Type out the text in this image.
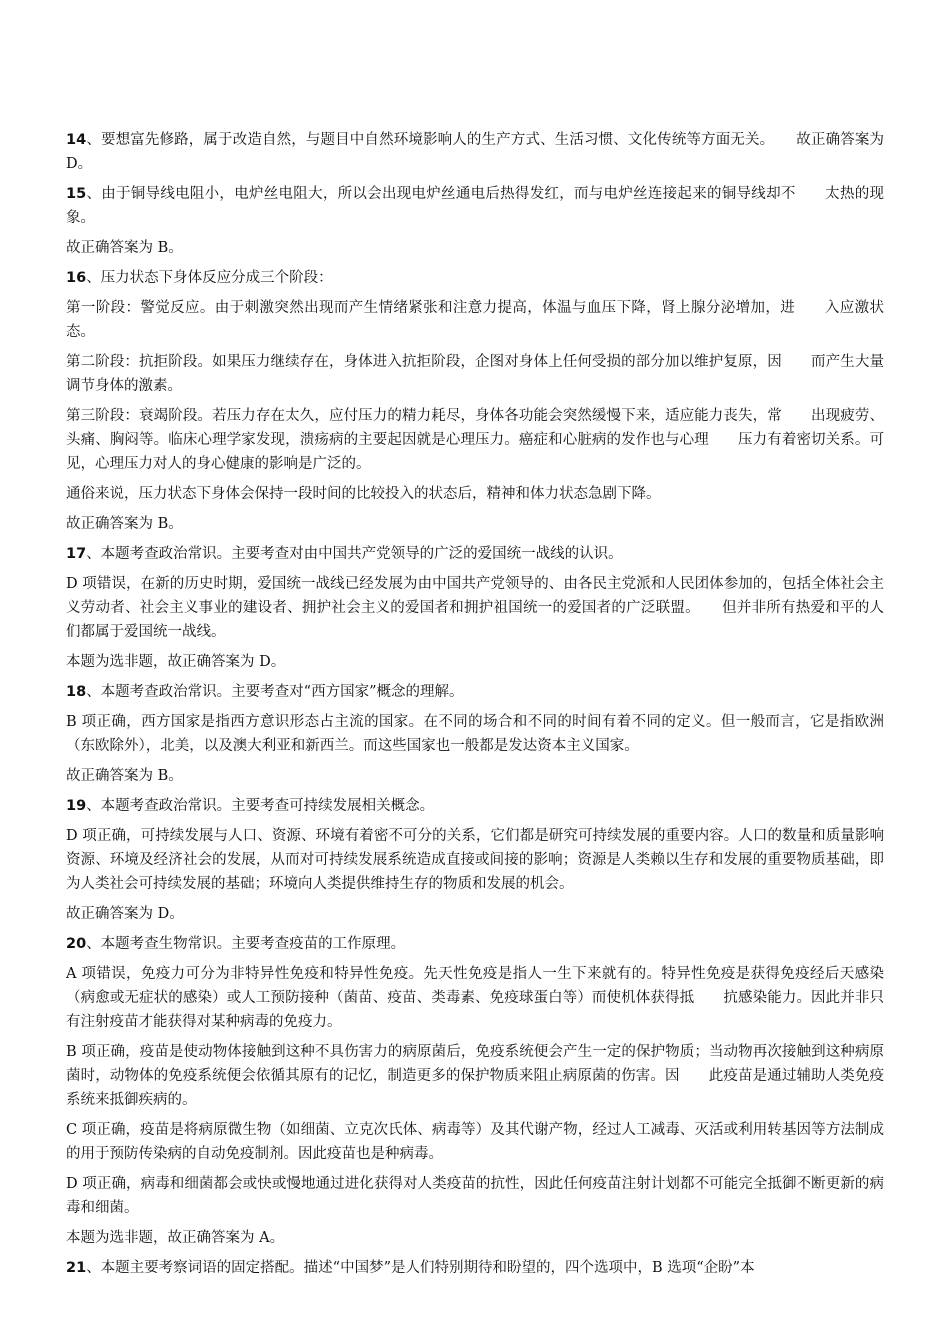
14、要想富先修路，属于改造自然，与题目中自然环境影响人的生产方式、生活习惯、文化传统等方面无关。　　故正确答案为 D。

15、由于铜导线电阻小，电炉丝电阻大，所以会出现电炉丝通电后热得发红，而与电炉丝连接起来的铜导线却不　　太热的现象。

故正确答案为 B。

16、压力状态下身体反应分成三个阶段：

第一阶段：警觉反应。由于刺激突然出现而产生情绪紧张和注意力提高，体温与血压下降，肾上腺分泌增加，进　　入应激状态。

第二阶段：抗拒阶段。如果压力继续存在，身体进入抗拒阶段，企图对身体上任何受损的部分加以维护复原，因　　而产生大量调节身体的激素。

第三阶段：衰竭阶段。若压力存在太久，应付压力的精力耗尽，身体各功能会突然缓慢下来，适应能力丧失，常　　出现疲劳、头痛、胸闷等。临床心理学家发现，溃疡病的主要起因就是心理压力。癌症和心脏病的发作也与心理　　压力有着密切关系。可见，心理压力对人的身心健康的影响是广泛的。

通俗来说，压力状态下身体会保持一段时间的比较投入的状态后，精神和体力状态急剧下降。

故正确答案为 B。

17、本题考查政治常识。主要考查对由中国共产党领导的广泛的爱国统一战线的认识。

D 项错误，在新的历史时期，爱国统一战线已经发展为由中国共产党领导的、由各民主党派和人民团体参加的，包括全体社会主义劳动者、社会主义事业的建设者、拥护社会主义的爱国者和拥护祖国统一的爱国者的广泛联盟。　　但并非所有热爱和平的人们都属于爱国统一战线。

本题为选非题，故正确答案为 D。

18、本题考查政治常识。主要考查对“西方国家”概念的理解。

B 项正确，西方国家是指西方意识形态占主流的国家。在不同的场合和不同的时间有着不同的定义。但一般而言，它是指欧洲（东欧除外），北美，以及澳大利亚和新西兰。而这些国家也一般都是发达资本主义国家。

故正确答案为 B。

19、本题考查政治常识。主要考查可持续发展相关概念。

D 项正确，可持续发展与人口、资源、环境有着密不可分的关系，它们都是研究可持续发展的重要内容。人口的数量和质量影响资源、环境及经济社会的发展，从而对可持续发展系统造成直接或间接的影响；资源是人类赖以生存和发展的重要物质基础，即为人类社会可持续发展的基础；环境向人类提供维持生存的物质和发展的机会。

故正确答案为 D。

20、本题考查生物常识。主要考查疫苗的工作原理。

A 项错误，免疫力可分为非特异性免疫和特异性免疫。先天性免疫是指人一生下来就有的。特异性免疫是获得免疫经后天感染（病愈或无症状的感染）或人工预防接种（菌苗、疫苗、类毒素、免疫球蛋白等）而使机体获得抵　　抗感染能力。因此并非只有注射疫苗才能获得对某种病毒的免疫力。

B 项正确，疫苗是使动物体接触到这种不具伤害力的病原菌后，免疫系统便会产生一定的保护物质；当动物再次接触到这种病原菌时，动物体的免疫系统便会依循其原有的记忆，制造更多的保护物质来阻止病原菌的伤害。因　　此疫苗是通过辅助人类免疫系统来抵御疾病的。

C 项正确，疫苗是将病原微生物（如细菌、立克次氏体、病毒等）及其代谢产物，经过人工减毒、灭活或利用转基因等方法制成的用于预防传染病的自动免疫制剂。因此疫苗也是种病毒。

D 项正确，病毒和细菌都会或快或慢地通过进化获得对人类疫苗的抗性，因此任何疫苗注射计划都不可能完全抵御不断更新的病毒和细菌。

本题为选非题，故正确答案为 A。

21、本题主要考察词语的固定搭配。描述“中国梦”是人们特别期待和盼望的，四个选项中，B 选项“企盼”本
